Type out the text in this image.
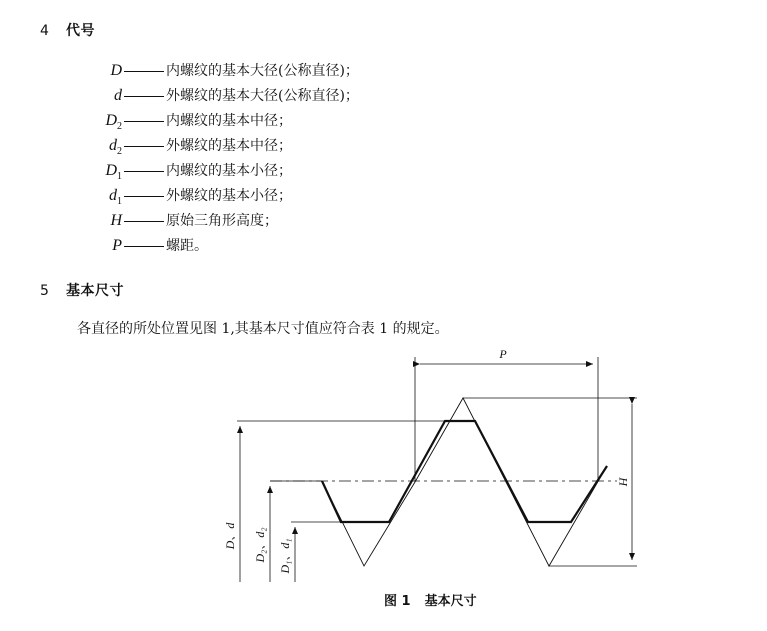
4 代号
D	内螺纹的基本大径(公称直径)；
d	外螺纹的基本大径(公称直径)；
$D_2$	内螺纹的基本中径；
$d_2$	外螺纹的基本中径；
$D_1$	内螺纹的基本小径；
$d_1$	外螺纹的基本小径；
H	原始三角形高度；
P	螺距。
5 基本尺寸
各直径的所处位置见图 1,其基本尺寸值应符合表 1 的规定。
P
H
D、d D₂、d₂ D₁、d₁
图 1 基本尺寸
